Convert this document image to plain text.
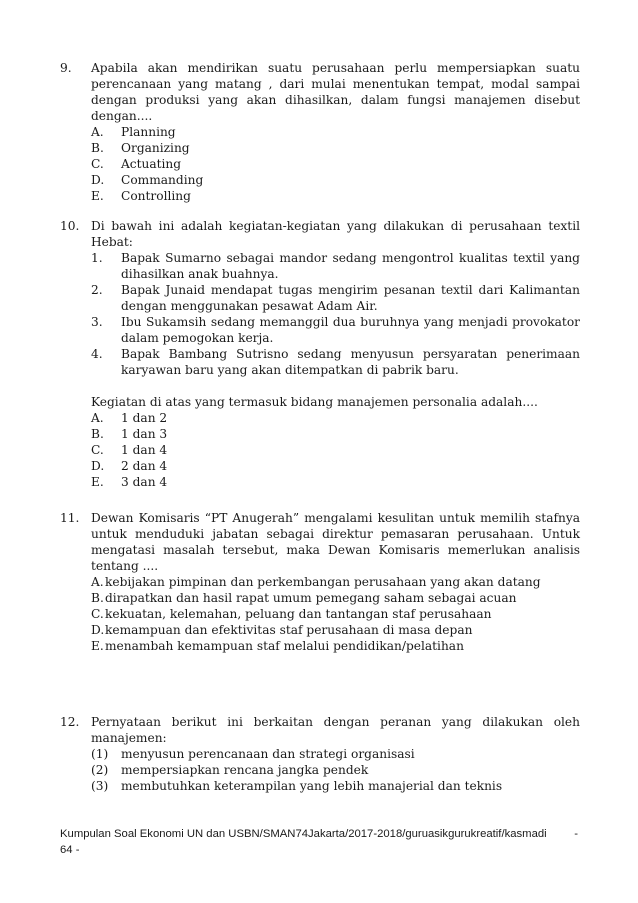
9. Apabila akan mendirikan suatu perusahaan perlu mempersiapkan suatu perencanaan yang matang , dari mulai menentukan tempat, modal sampai dengan produksi yang akan dihasilkan, dalam fungsi manajemen disebut dengan....
A.	Planning
B.	Organizing
C.	Actuating
D.	Commanding
E.	Controlling
10. Di bawah ini adalah kegiatan-kegiatan yang dilakukan di perusahaan textil Hebat:
1.	Bapak Sumarno sebagai mandor sedang mengontrol kualitas textil yang dihasilkan anak buahnya.
2.	Bapak Junaid mendapat tugas mengirim pesanan textil dari Kalimantan dengan menggunakan pesawat Adam Air.
3.	Ibu Sukamsih sedang memanggil dua buruhnya yang menjadi provokator dalam pemogokan kerja.
4.	Bapak Bambang Sutrisno sedang menyusun persyaratan penerimaan karyawan baru yang akan ditempatkan di pabrik baru.
Kegiatan di atas yang termasuk bidang manajemen personalia adalah....
A.	1 dan 2
B.	1 dan 3
C.	1 dan 4
D.	2 dan 4
E.	3 dan 4
11. Dewan Komisaris “PT Anugerah” mengalami kesulitan untuk memilih stafnya untuk menduduki jabatan sebagai direktur pemasaran perusahaan. Untuk mengatasi masalah tersebut, maka Dewan Komisaris memerlukan analisis tentang ....
A. kebijakan pimpinan dan perkembangan perusahaan yang akan datang
B. dirapatkan dan hasil rapat umum pemegang saham sebagai acuan
C. kekuatan, kelemahan, peluang dan tantangan staf perusahaan
D. kemampuan dan efektivitas staf perusahaan di masa depan
E. menambah kemampuan staf melalui pendidikan/pelatihan
12. Pernyataan berikut ini berkaitan dengan peranan yang dilakukan oleh manajemen:
(1)	menyusun perencanaan dan strategi organisasi
(2)	mempersiapkan rencana jangka pendek
(3)	membutuhkan keterampilan yang lebih manajerial dan teknis
Kumpulan Soal Ekonomi UN dan USBN/SMAN74Jakarta/2017-2018/guruasikgurukreatif/kasmadi	-
64 -
